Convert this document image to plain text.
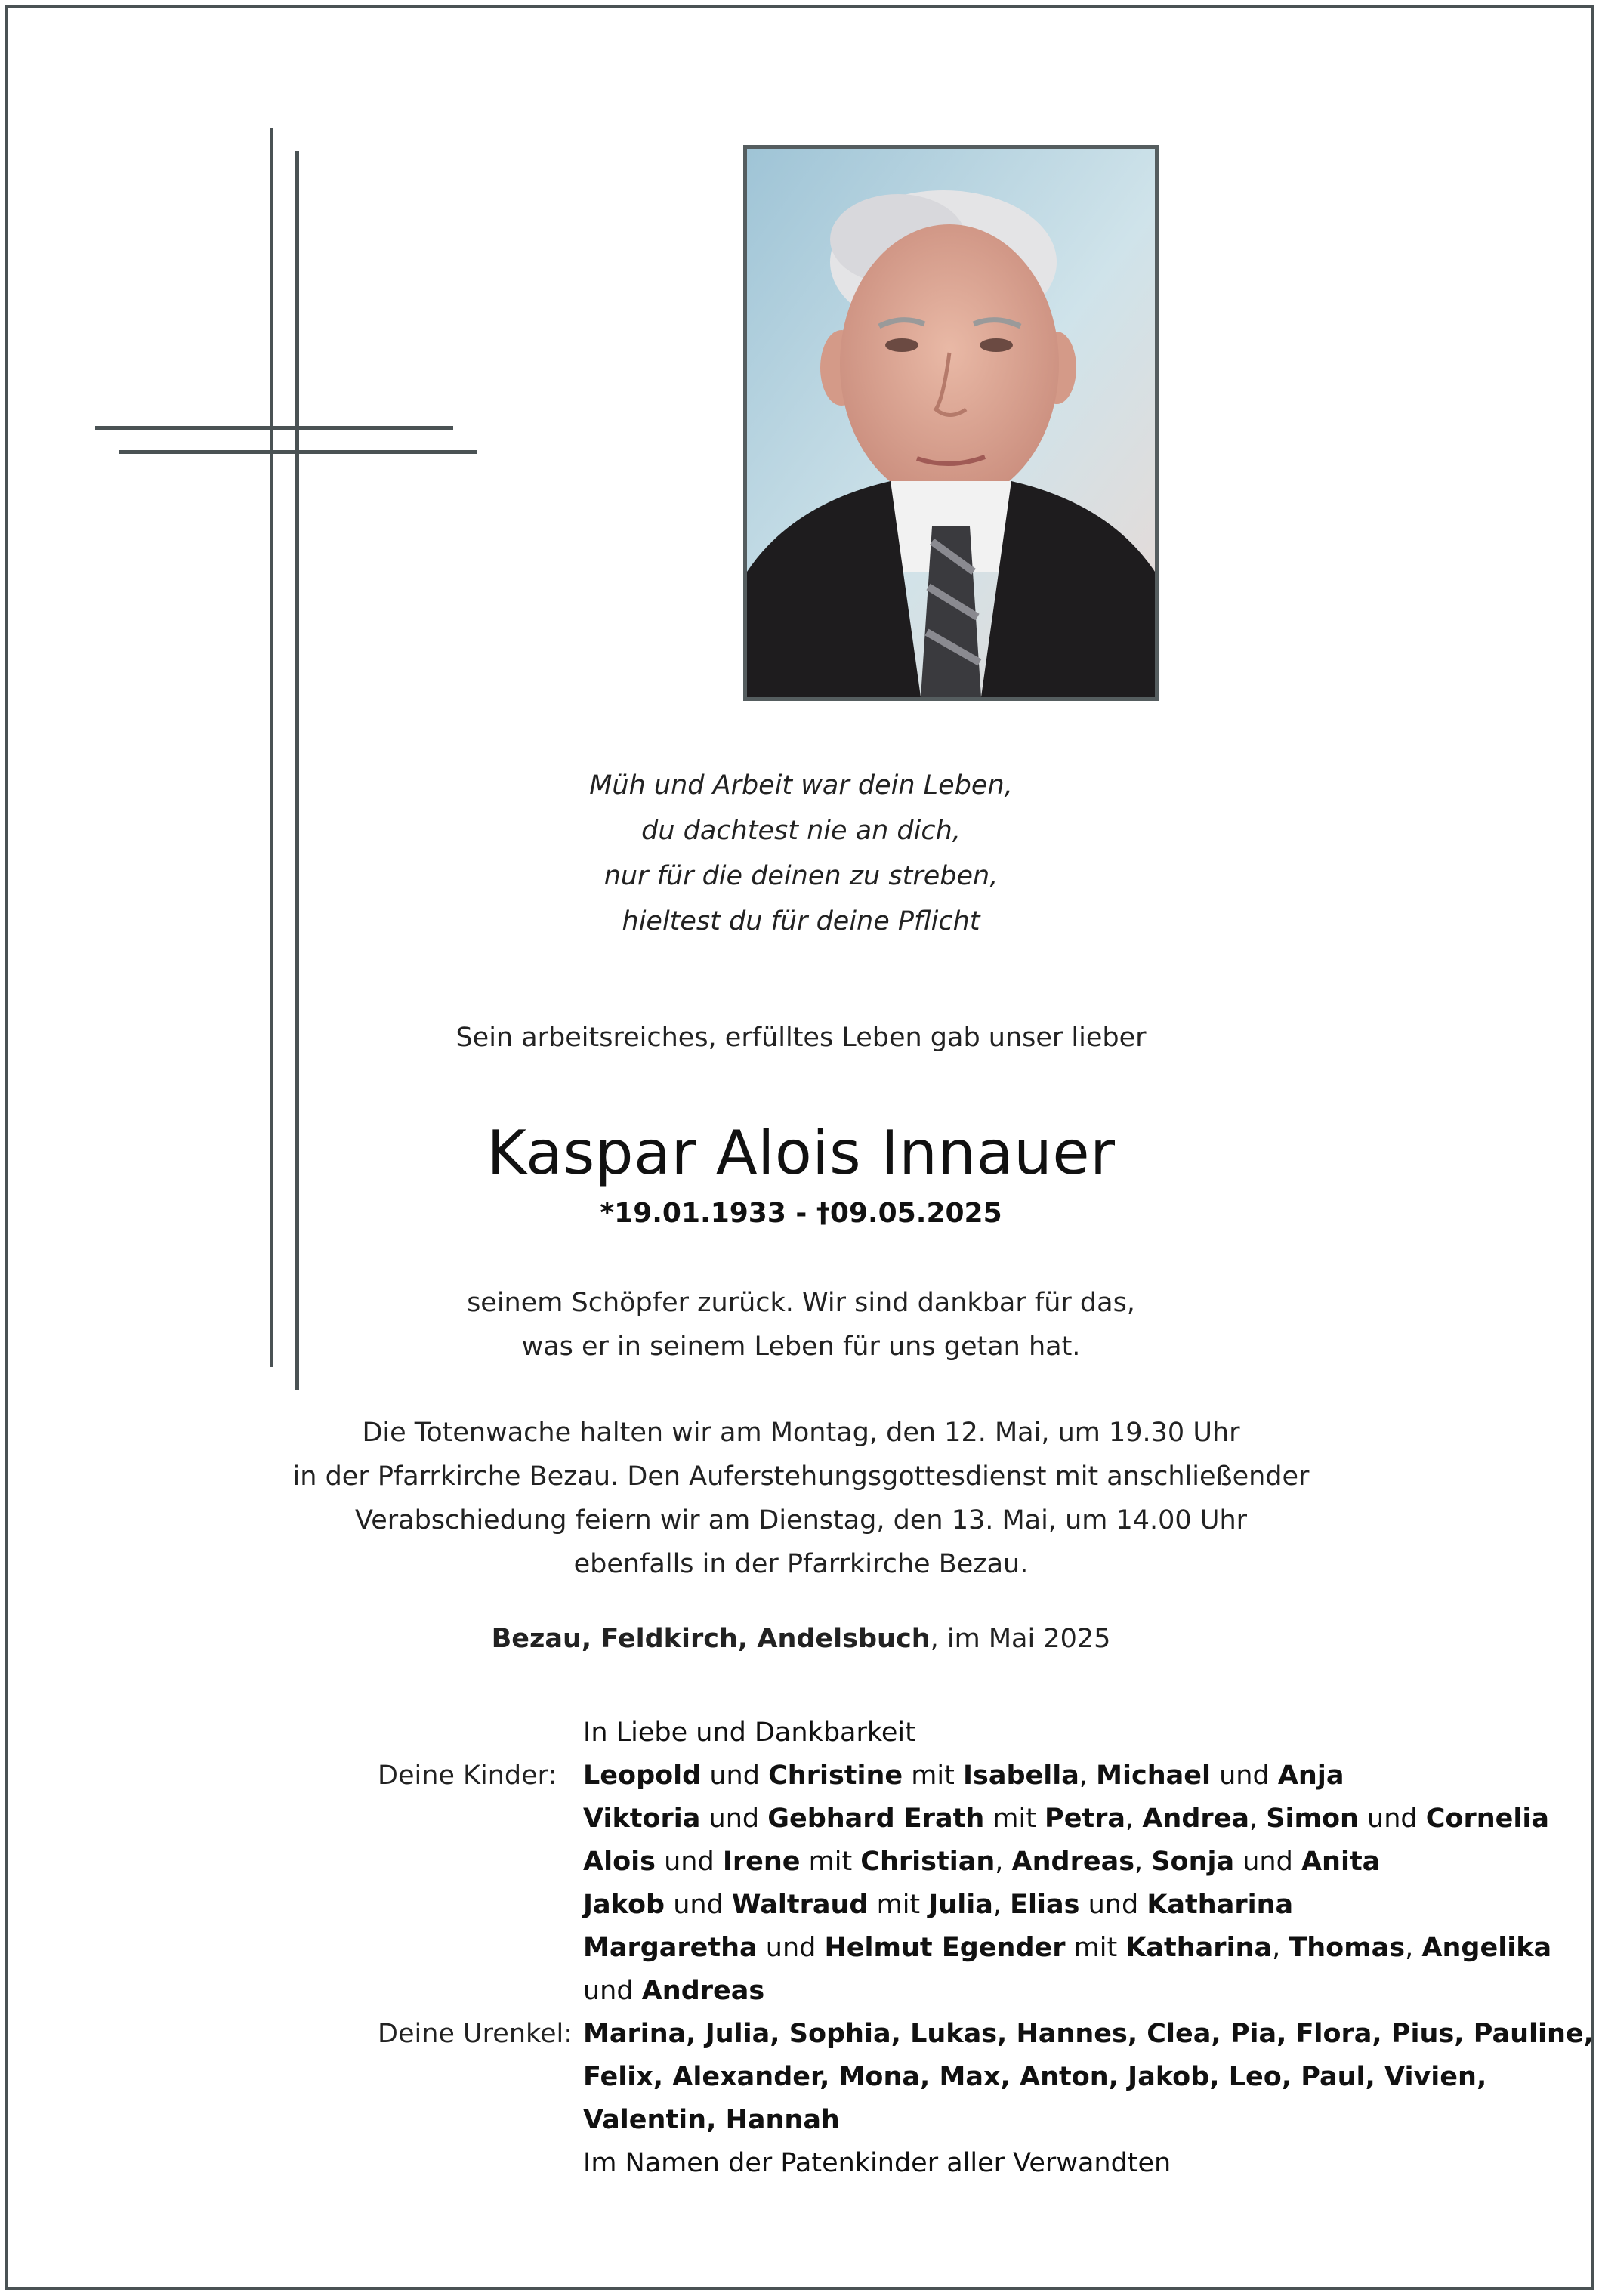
Müh und Arbeit war dein Leben,
du dachtest nie an dich,
nur für die deinen zu streben,
hieltest du für deine Pflicht
Sein arbeitsreiches, erfülltes Leben gab unser lieber
Kaspar Alois Innauer
*19.01.1933 - †09.05.2025
seinem Schöpfer zurück. Wir sind dankbar für das,
was er in seinem Leben für uns getan hat.
Die Totenwache halten wir am Montag, den 12. Mai, um 19.30 Uhr
in der Pfarrkirche Bezau. Den Auferstehungsgottesdienst mit anschließender
Verabschiedung feiern wir am Dienstag, den 13. Mai, um 14.00 Uhr
ebenfalls in der Pfarrkirche Bezau.
Bezau, Feldkirch, Andelsbuch, im Mai 2025
In Liebe und Dankbarkeit
Deine Kinder: Leopold und Christine mit Isabella, Michael und Anja
Viktoria und Gebhard Erath mit Petra, Andrea, Simon und Cornelia
Alois und Irene mit Christian, Andreas, Sonja und Anita
Jakob und Waltraud mit Julia, Elias und Katharina
Margaretha und Helmut Egender mit Katharina, Thomas, Angelika
und Andreas
Deine Urenkel: Marina, Julia, Sophia, Lukas, Hannes, Clea, Pia, Flora, Pius, Pauline,
Felix, Alexander, Mona, Max, Anton, Jakob, Leo, Paul, Vivien,
Valentin, Hannah
Im Namen der Patenkinder aller Verwandten
